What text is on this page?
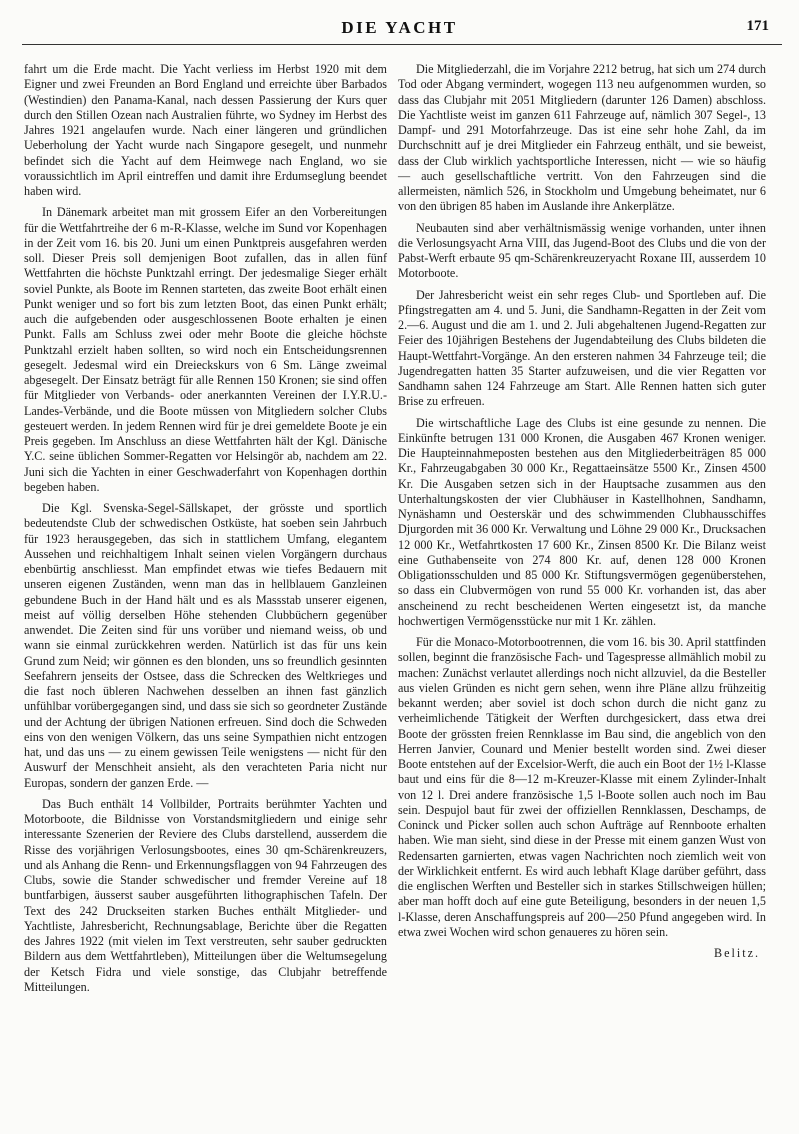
DIE YACHT	171

fahrt um die Erde macht. Die Yacht verliess im Herbst 1920 mit dem Eigner und zwei Freunden an Bord England und erreichte über Barbados (Westindien) den Panama-Kanal, nach dessen Passierung der Kurs quer durch den Stillen Ozean nach Australien führte, wo Sydney im Herbst des Jahres 1921 angelaufen wurde. Nach einer längeren und gründlichen Ueberholung der Yacht wurde nach Singapore gesegelt, und nunmehr befindet sich die Yacht auf dem Heimwege nach England, wo sie voraussichtlich im April eintreffen und damit ihre Erdumseglung beendet haben wird.

In Dänemark arbeitet man mit grossem Eifer an den Vorbereitungen für die Wettfahrtreihe der 6 m-R-Klasse, welche im Sund vor Kopenhagen in der Zeit vom 16. bis 20. Juni um einen Punktpreis ausgefahren werden soll. Dieser Preis soll demjenigen Boot zufallen, das in allen fünf Wettfahrten die höchste Punktzahl erringt. Der jedesmalige Sieger erhält soviel Punkte, als Boote im Rennen starteten, das zweite Boot erhält einen Punkt weniger und so fort bis zum letzten Boot, das einen Punkt erhält; auch die aufgebenden oder ausgeschlossenen Boote erhalten je einen Punkt. Falls am Schluss zwei oder mehr Boote die gleiche höchste Punktzahl erzielt haben sollten, so wird noch ein Entscheidungsrennen gesegelt. Jedesmal wird ein Dreieckskurs von 6 Sm. Länge zweimal abgesegelt. Der Einsatz beträgt für alle Rennen 150 Kronen; sie sind offen für Mitglieder von Verbands- oder anerkannten Vereinen der I.Y.R.U.-Landes-Verbände, und die Boote müssen von Mitgliedern solcher Clubs gesteuert werden. In jedem Rennen wird für je drei gemeldete Boote je ein Preis gegeben. Im Anschluss an diese Wettfahrten hält der Kgl. Dänische Y.C. seine üblichen Sommer-Regatten vor Helsingör ab, nachdem am 22. Juni sich die Yachten in einer Geschwaderfahrt von Kopenhagen dorthin begeben haben.

Die Kgl. Svenska-Segel-Sällskapet, der grösste und sportlich bedeutendste Club der schwedischen Ostküste, hat soeben sein Jahrbuch für 1923 herausgegeben, das sich in stattlichem Umfang, elegantem Aussehen und reichhaltigem Inhalt seinen vielen Vorgängern durchaus ebenbürtig anschliesst. Man empfindet etwas wie tiefes Bedauern mit unseren eigenen Zuständen, wenn man das in hellblauem Ganzleinen gebundene Buch in der Hand hält und es als Massstab unserer eigenen, meist auf völlig derselben Höhe stehenden Clubbüchern gegenüber anwendet. Die Zeiten sind für uns vorüber und niemand weiss, ob und wann sie einmal zurückkehren werden. Natürlich ist das für uns kein Grund zum Neid; wir gönnen es den blonden, uns so freundlich gesinnten Seefahrern jenseits der Ostsee, dass die Schrecken des Weltkrieges und die fast noch übleren Nachwehen desselben an ihnen fast gänzlich unfühlbar vorübergegangen sind, und dass sie sich so geordneter Zustände und der Achtung der übrigen Nationen erfreuen. Sind doch die Schweden eins von den wenigen Völkern, das uns seine Sympathien nicht entzogen hat, und das uns — zu einem gewissen Teile wenigstens — nicht für den Auswurf der Menschheit ansieht, als den verachteten Paria nicht nur Europas, sondern der ganzen Erde. —

Das Buch enthält 14 Vollbilder, Portraits berühmter Yachten und Motorboote, die Bildnisse von Vorstandsmitgliedern und einige sehr interessante Szenerien der Reviere des Clubs darstellend, ausserdem die Risse des vorjährigen Verlosungsbootes, eines 30 qm-Schärenkreuzers, und als Anhang die Renn- und Erkennungsflaggen von 94 Fahrzeugen des Clubs, sowie die Stander schwedischer und fremder Vereine auf 18 buntfarbigen, äusserst sauber ausgeführten lithographischen Tafeln. Der Text des 242 Druckseiten starken Buches enthält Mitglieder- und Yachtliste, Jahresbericht, Rechnungsablage, Berichte über die Regatten des Jahres 1922 (mit vielen im Text verstreuten, sehr sauber gedruckten Bildern aus dem Wettfahrtleben), Mitteilungen über die Weltumsegelung der Ketsch Fidra und viele sonstige, das Clubjahr betreffende Mitteilungen.

Die Mitgliederzahl, die im Vorjahre 2212 betrug, hat sich um 274 durch Tod oder Abgang vermindert, wogegen 113 neu aufgenommen wurden, so dass das Clubjahr mit 2051 Mitgliedern (darunter 126 Damen) abschloss. Die Yachtliste weist im ganzen 611 Fahrzeuge auf, nämlich 307 Segel-, 13 Dampf- und 291 Motorfahrzeuge. Das ist eine sehr hohe Zahl, da im Durchschnitt auf je drei Mitglieder ein Fahrzeug enthält, und sie beweist, dass der Club wirklich yachtsportliche Interessen, nicht — wie so häufig — auch gesellschaftliche vertritt. Von den Fahrzeugen sind die allermeisten, nämlich 526, in Stockholm und Umgebung beheimatet, nur 6 von den übrigen 85 haben im Auslande ihre Ankerplätze.

Neubauten sind aber verhältnismässig wenige vorhanden, unter ihnen die Verlosungsyacht Arna VIII, das Jugend-Boot des Clubs und die von der Pabst-Werft erbaute 95 qm-Schärenkreuzeryacht Roxane III, ausserdem 10 Motorboote.

Der Jahresbericht weist ein sehr reges Club- und Sportleben auf. Die Pfingstregatten am 4. und 5. Juni, die Sandhamn-Regatten in der Zeit vom 2.—6. August und die am 1. und 2. Juli abgehaltenen Jugend-Regatten zur Feier des 10jährigen Bestehens der Jugendabteilung des Clubs bildeten die Haupt-Wettfahrt-Vorgänge. An den ersteren nahmen 34 Fahrzeuge teil; die Jugendregatten hatten 35 Starter aufzuweisen, und die vier Regatten vor Sandhamn sahen 124 Fahrzeuge am Start. Alle Rennen hatten sich guter Brise zu erfreuen.

Die wirtschaftliche Lage des Clubs ist eine gesunde zu nennen. Die Einkünfte betrugen 131 000 Kronen, die Ausgaben 467 Kronen weniger. Die Haupteinnahmeposten bestehen aus den Mitgliederbeiträgen 85 000 Kr., Fahrzeugabgaben 30 000 Kr., Regattaeinsätze 5500 Kr., Zinsen 4500 Kr. Die Ausgaben setzen sich in der Hauptsache zusammen aus den Unterhaltungskosten der vier Clubhäuser in Kastellhohnen, Sandhamn, Nynäshamn und Oesterskär und des schwimmenden Clubhausschiffes Djurgorden mit 36 000 Kr. Verwaltung und Löhne 29 000 Kr., Drucksachen 12 000 Kr., Wetfahrtkosten 17 600 Kr., Zinsen 8500 Kr. Die Bilanz weist eine Guthabenseite von 274 800 Kr. auf, denen 128 000 Kronen Obligationsschulden und 85 000 Kr. Stiftungsvermögen gegenüberstehen, so dass ein Clubvermögen von rund 55 000 Kr. vorhanden ist, das aber anscheinend zu recht bescheidenen Werten eingesetzt ist, da manche hochwertigen Vermögensstücke nur mit 1 Kr. zählen.

Für die Monaco-Motorbootrennen, die vom 16. bis 30. April stattfinden sollen, beginnt die französische Fach- und Tagespresse allmählich mobil zu machen: Zunächst verlautet allerdings noch nicht allzuviel, da die Besteller aus vielen Gründen es nicht gern sehen, wenn ihre Pläne allzu frühzeitig bekannt werden; aber soviel ist doch schon durch die nicht ganz zu verheimlichende Tätigkeit der Werften durchgesickert, dass etwa drei Boote der grössten freien Rennklasse im Bau sind, die angeblich von den Herren Janvier, Counard und Menier bestellt worden sind. Zwei dieser Boote entstehen auf der Excelsior-Werft, die auch ein Boot der 1½ l-Klasse baut und eins für die 8—12 m-Kreuzer-Klasse mit einem Zylinder-Inhalt von 12 l. Drei andere französische 1,5 l-Boote sollen auch noch im Bau sein. Despujol baut für zwei der offiziellen Rennklassen, Deschamps, de Coninck und Picker sollen auch schon Aufträge auf Rennboote erhalten haben. Wie man sieht, sind diese in der Presse mit einem ganzen Wust von Redensarten garnierten, etwas vagen Nachrichten noch ziemlich weit von der Wirklichkeit entfernt. Es wird auch lebhaft Klage darüber geführt, dass die englischen Werften und Besteller sich in starkes Stillschweigen hüllen; aber man hofft doch auf eine gute Beteiligung, besonders in der neuen 1,5 l-Klasse, deren Anschaffungspreis auf 200—250 Pfund angegeben wird. In etwa zwei Wochen wird schon genaueres zu hören sein.

Belitz.
